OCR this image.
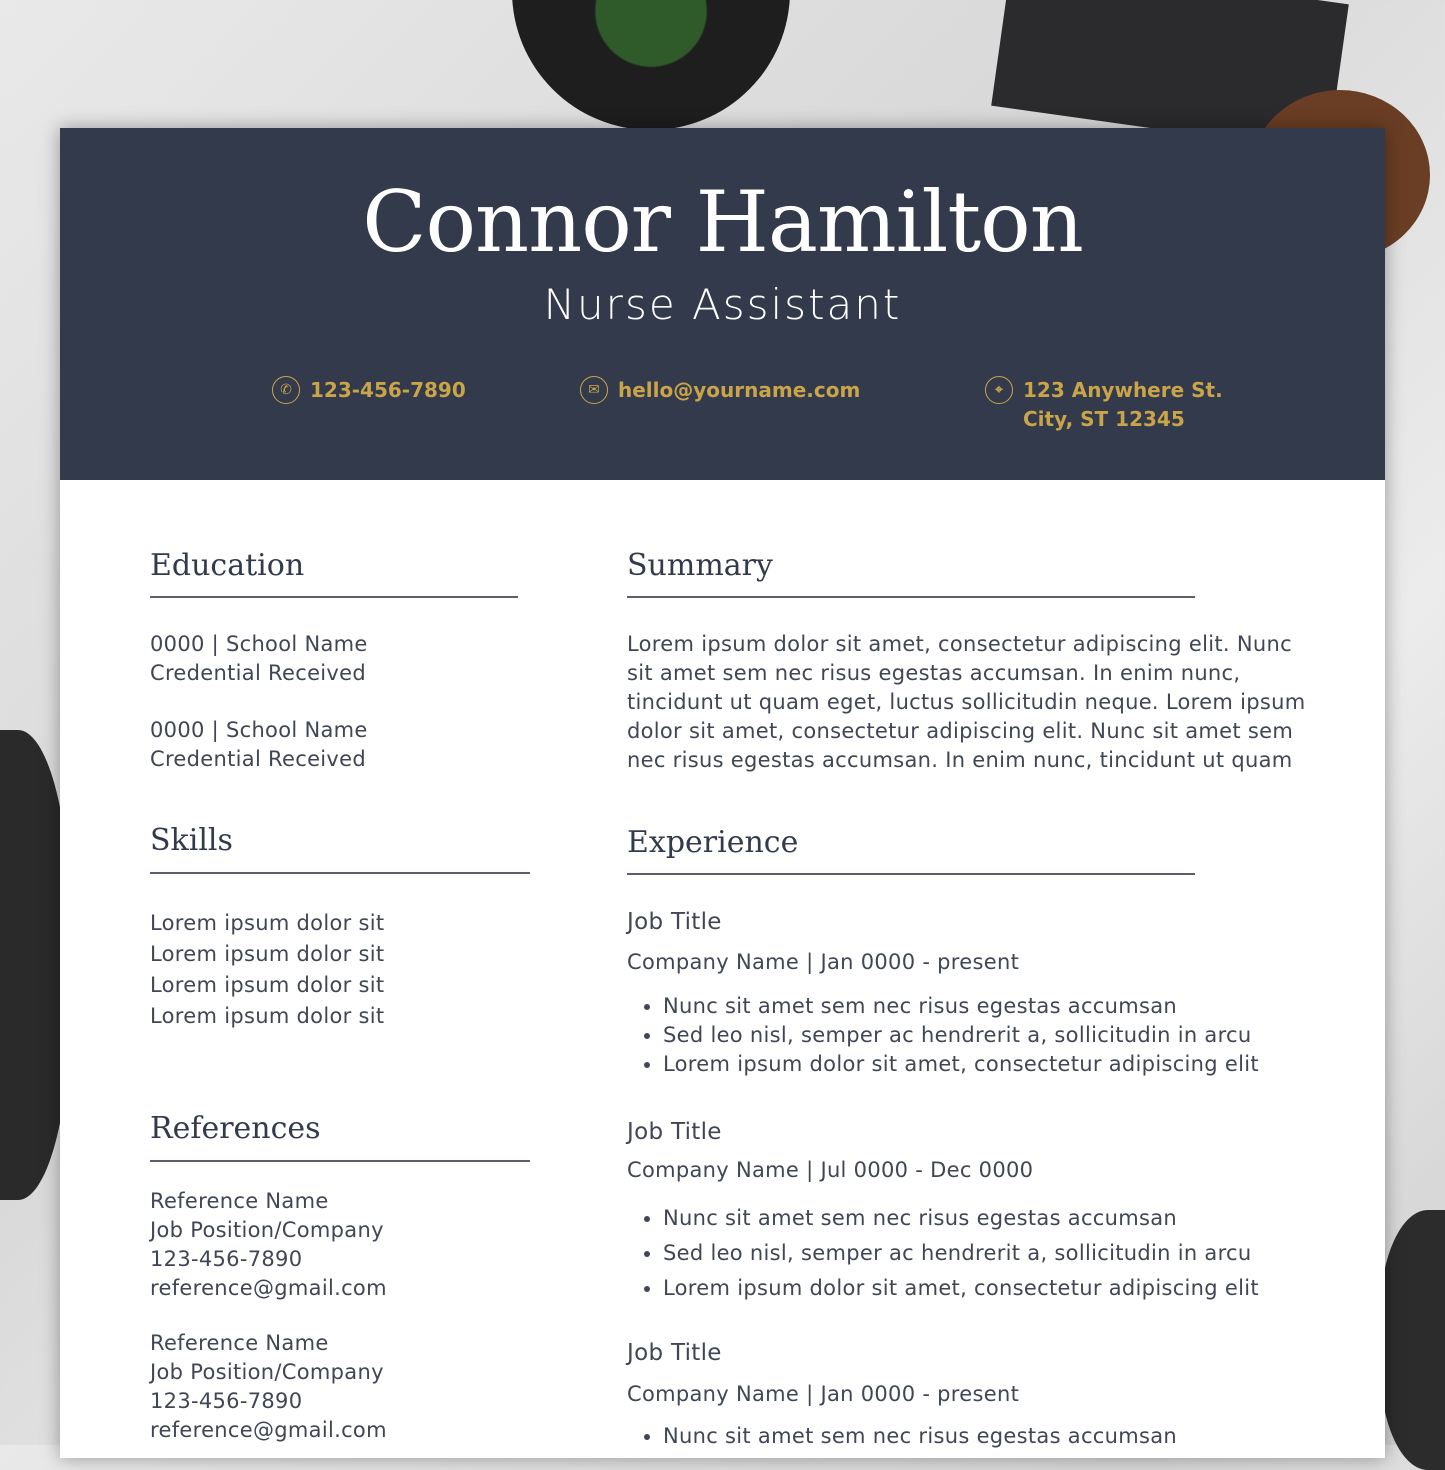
Connor Hamilton
Nurse Assistant
✆ 123-456-7890	✉ hello@yourname.com	⌖	123 Anywhere St.
City, ST 12345
Education
0000 | School Name
Credential Received
0000 | School Name
Credential Received
Skills
Lorem ipsum dolor sit
Lorem ipsum dolor sit
Lorem ipsum dolor sit
Lorem ipsum dolor sit
References
Reference Name
Job Position/Company
123-456-7890
reference@gmail.com
Reference Name
Job Position/Company
123-456-7890
reference@gmail.com
Summary
Lorem ipsum dolor sit amet, consectetur adipiscing elit. Nunc
sit amet sem nec risus egestas accumsan. In enim nunc,
tincidunt ut quam eget, luctus sollicitudin neque. Lorem ipsum
dolor sit amet, consectetur adipiscing elit. Nunc sit amet sem
nec risus egestas accumsan. In enim nunc, tincidunt ut quam
Experience
Job Title
Company Name | Jan 0000 - present
• Nunc sit amet sem nec risus egestas accumsan
• Sed leo nisl, semper ac hendrerit a, sollicitudin in arcu
• Lorem ipsum dolor sit amet, consectetur adipiscing elit
Job Title
Company Name | Jul 0000 - Dec 0000
• Nunc sit amet sem nec risus egestas accumsan
• Sed leo nisl, semper ac hendrerit a, sollicitudin in arcu
• Lorem ipsum dolor sit amet, consectetur adipiscing elit
Job Title
Company Name | Jan 0000 - present
• Nunc sit amet sem nec risus egestas accumsan
